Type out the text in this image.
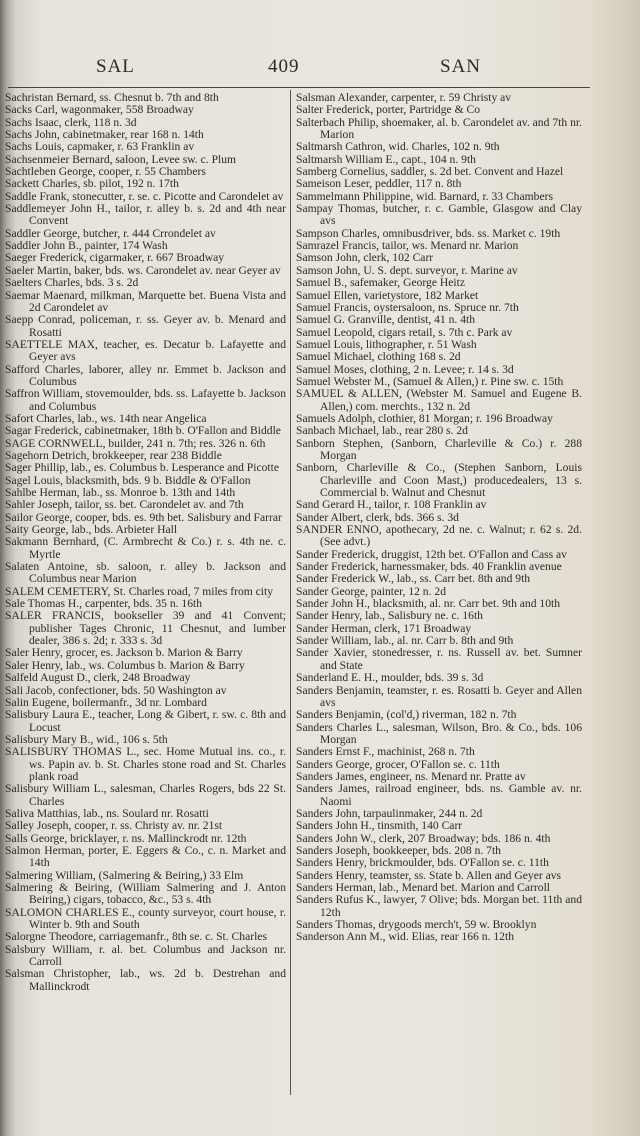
SAL	409	SAN
Sachristan Bernard, ss. Chesnut b. 7th and 8th
Sacks Carl, wagonmaker, 558 Broadway
Sachs Isaac, clerk, 118 n. 3d
Sachs John, cabinetmaker, rear 168 n. 14th
Sachs Louis, capmaker, r. 63 Franklin av
Sachsenmeier Bernard, saloon, Levee sw. c. Plum
Sachtleben George, cooper, r. 55 Chambers
Sackett Charles, sb. pilot, 192 n. 17th
Saddle Frank, stonecutter, r. se. c. Picotte and Carondelet av
Saddlemeyer John H., tailor, r. alley b. s. 2d and 4th near Convent
Saddler George, butcher, r. 444 Crrondelet av
Saddler John B., painter, 174 Wash
Saeger Frederick, cigarmaker, r. 667 Broadway
Saeler Martin, baker, bds. ws. Carondelet av. near Geyer av
Saelters Charles, bds. 3 s. 2d
Saemar Maenard, milkman, Marquette bet. Buena Vista and 2d Carondelet av
Saepp Conrad, policeman, r. ss. Geyer av. b. Menard and Rosatti
SAETTELE MAX, teacher, es. Decatur b. Lafayette and Geyer avs
Safford Charles, laborer, alley nr. Emmet b. Jackson and Columbus
Saffron William, stovemoulder, bds. ss. Lafayette b. Jackson and Columbus
Safort Charles, lab., ws. 14th near Angelica
Sagar Frederick, cabinetmaker, 18th b. O'Fallon and Biddle
SAGE CORNWELL, builder, 241 n. 7th; res. 326 n. 6th
Sagehorn Detrich, brokkeeper, rear 238 Biddle
Sager Phillip, lab., es. Columbus b. Lesperance and Picotte
Sagel Louis, blacksmith, bds. 9 b. Biddle & O'Fallon
Sahlbe Herman, lab., ss. Monroe b. 13th and 14th
Sahler Joseph, tailor, ss. bet. Carondelet av. and 7th
Sailor George, cooper, bds. es. 9th bet. Salisbury and Farrar
Saity George, lab., bds. Arbieter Hall
Sakmann Bernhard, (C. Armbrecht & Co.) r. s. 4th ne. c. Myrtle
Salaten Antoine, sb. saloon, r. alley b. Jackson and Columbus near Marion
SALEM CEMETERY, St. Charles road, 7 miles from city
Sale Thomas H., carpenter, bds. 35 n. 16th
SALER FRANCIS, bookseller 39 and 41 Convent; publisher Tages Chronic, 11 Chesnut, and lumber dealer, 386 s. 2d; r. 333 s. 3d
Saler Henry, grocer, es. Jackson b. Marion & Barry
Saler Henry, lab., ws. Columbus b. Marion & Barry
Salfeld August D., clerk, 248 Broadway
Sali Jacob, confectioner, bds. 50 Washington av
Salin Eugene, boilermanfr., 3d nr. Lombard
Salisbury Laura E., teacher, Long & Gibert, r. sw. c. 8th and Locust
Salisbury Mary B., wid., 106 s. 5th
SALISBURY THOMAS L., sec. Home Mutual ins. co., r. ws. Papin av. b. St. Charles stone road and St. Charles plank road
Salisbury William L., salesman, Charles Rogers, bds 22 St. Charles
Saliva Matthias, lab., ns. Soulard nr. Rosatti
Salley Joseph, cooper, r. ss. Christy av. nr. 21st
Salls George, bricklayer, r. ns. Mallinckrodt nr. 12th
Salmon Herman, porter, E. Eggers & Co., c. n. Market and 14th
Salmering William, (Salmering & Beiring,) 33 Elm
Salmering & Beiring, (William Salmering and J. Anton Beiring,) cigars, tobacco, &c., 53 s. 4th
SALOMON CHARLES E., county surveyor, court house, r. Winter b. 9th and South
Salorgne Theodore, carriagemanfr., 8th se. c. St. Charles
Salsbury William, r. al. bet. Columbus and Jackson nr. Carroll
Salsman Christopher, lab., ws. 2d b. Destrehan and Mallinckrodt
Salsman Alexander, carpenter, r. 59 Christy av
Salter Frederick, porter, Partridge & Co
Salterbach Philip, shoemaker, al. b. Carondelet av. and 7th nr. Marion
Saltmarsh Cathron, wid. Charles, 102 n. 9th
Saltmarsh William E., capt., 104 n. 9th
Samberg Cornelius, saddler, s. 2d bet. Convent and Hazel
Sameison Leser, peddler, 117 n. 8th
Sammelmann Philippine, wid. Barnard, r. 33 Chambers
Sampay Thomas, butcher, r. c. Gamble, Glasgow and Clay avs
Sampson Charles, omnibusdriver, bds. ss. Market c. 19th
Samrazel Francis, tailor, ws. Menard nr. Marion
Samson John, clerk, 102 Carr
Samson John, U. S. dept. surveyor, r. Marine av
Samuel B., safemaker, George Heitz
Samuel Ellen, varietystore, 182 Market
Samuel Francis, oystersaloon, ns. Spruce nr. 7th
Samuel G. Granville, dentist, 41 n. 4th
Samuel Leopold, cigars retail, s. 7th c. Park av
Samuel Louis, lithographer, r. 51 Wash
Samuel Michael, clothing 168 s. 2d
Samuel Moses, clothing, 2 n. Levee; r. 14 s. 3d
Samuel Webster M., (Samuel & Allen,) r. Pine sw. c. 15th
SAMUEL & ALLEN, (Webster M. Samuel and Eugene B. Allen,) com. merchts., 132 n. 2d
Samuels Adolph, clothier, 81 Morgan; r. 196 Broadway
Sanbach Michael, lab., rear 280 s. 2d
Sanborn Stephen, (Sanborn, Charleville & Co.) r. 288 Morgan
Sanborn, Charleville & Co., (Stephen Sanborn, Louis Charleville and Coon Mast,) producedealers, 13 s. Commercial b. Walnut and Chesnut
Sand Gerard H., tailor, r. 108 Franklin av
Sander Albert, clerk, bds. 366 s. 3d
SANDER ENNO, apothecary, 2d ne. c. Walnut; r. 62 s. 2d. (See advt.)
Sander Frederick, druggist, 12th bet. O'Fallon and Cass av
Sander Frederick, harnessmaker, bds. 40 Franklin avenue
Sander Frederick W., lab., ss. Carr bet. 8th and 9th
Sander George, painter, 12 n. 2d
Sander John H., blacksmith, al. nr. Carr bet. 9th and 10th
Sander Henry, lab., Salisbury ne. c. 16th
Sander Herman, clerk, 171 Broadway
Sander William, lab., al. nr. Carr b. 8th and 9th
Sander Xavier, stonedresser, r. ns. Russell av. bet. Sumner and State
Sanderland E. H., moulder, bds. 39 s. 3d
Sanders Benjamin, teamster, r. es. Rosatti b. Geyer and Allen avs
Sanders Benjamin, (col'd,) riverman, 182 n. 7th
Sanders Charles L., salesman, Wilson, Bro. & Co., bds. 106 Morgan
Sanders Ernst F., machinist, 268 n. 7th
Sanders George, grocer, O'Fallon se. c. 11th
Sanders James, engineer, ns. Menard nr. Pratte av
Sanders James, railroad engineer, bds. ns. Gamble av. nr. Naomi
Sanders John, tarpaulinmaker, 244 n. 2d
Sanders John H., tinsmith, 140 Carr
Sanders John W., clerk, 207 Broadway; bds. 186 n. 4th
Sanders Joseph, bookkeeper, bds. 208 n. 7th
Sanders Henry, brickmoulder, bds. O'Fallon se. c. 11th
Sanders Henry, teamster, ss. State b. Allen and Geyer avs
Sanders Herman, lab., Menard bet. Marion and Carroll
Sanders Rufus K., lawyer, 7 Olive; bds. Morgan bet. 11th and 12th
Sanders Thomas, drygoods merch't, 59 w. Brooklyn
Sanderson Ann M., wid. Elias, rear 166 n. 12th
